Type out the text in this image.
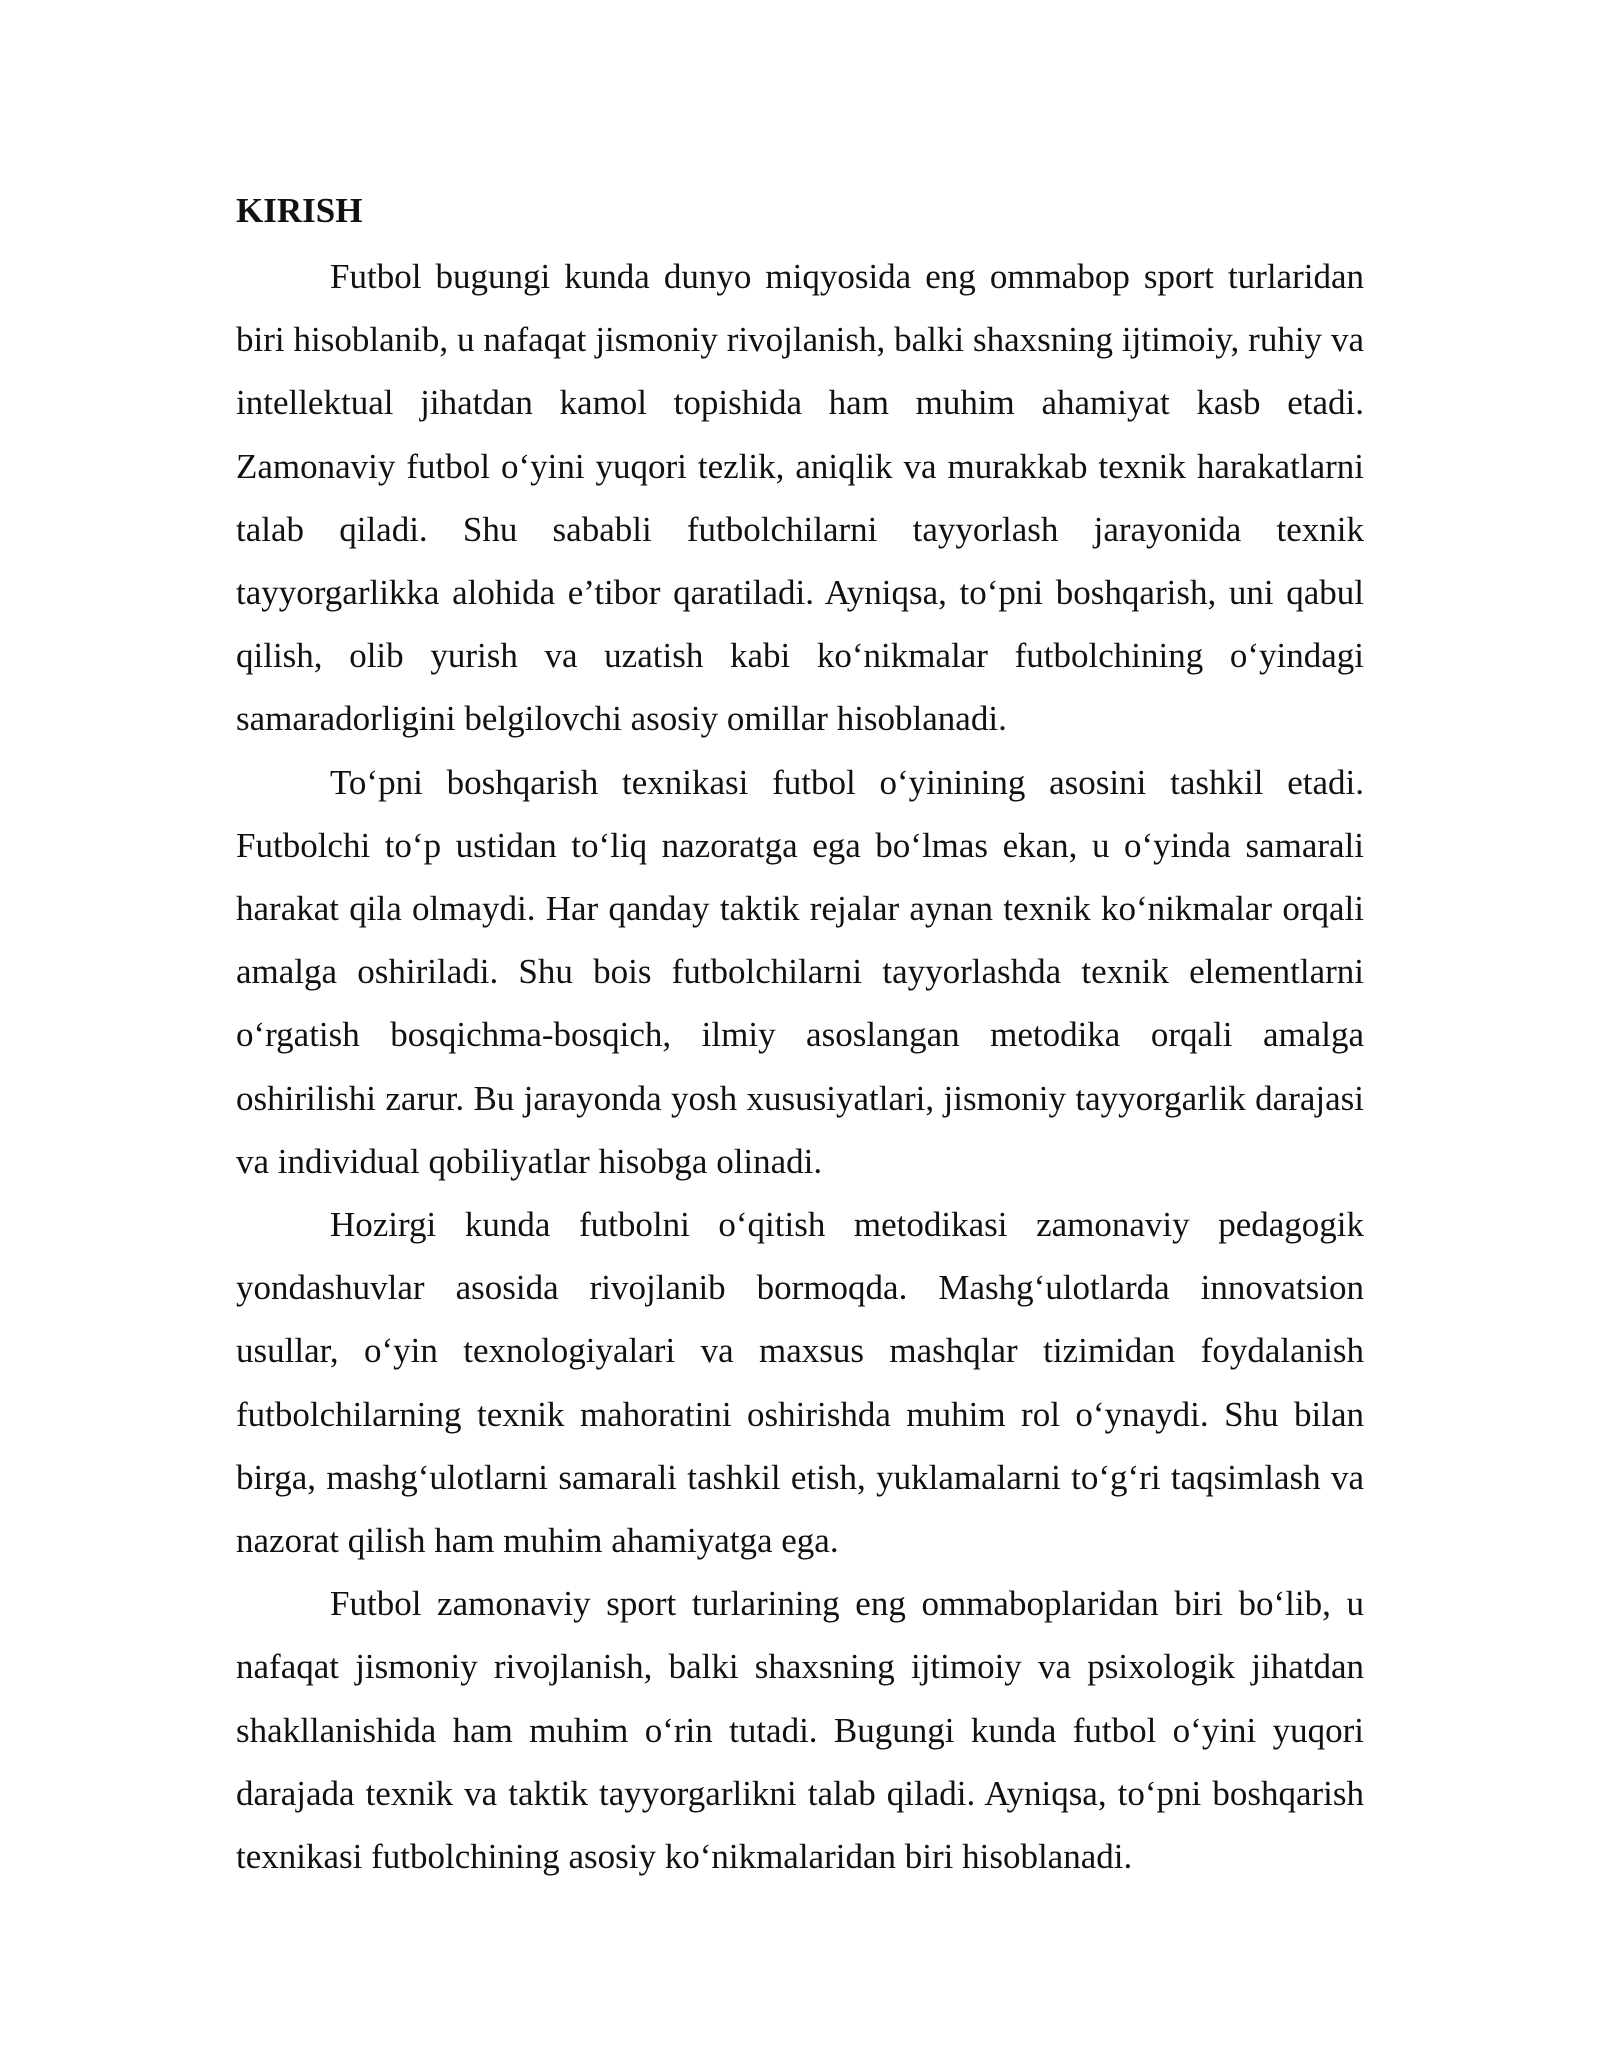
KIRISH

Futbol bugungi kunda dunyo miqyosida eng ommabop sport turlaridan biri hisoblanib, u nafaqat jismoniy rivojlanish, balki shaxsning ijtimoiy, ruhiy va intellektual jihatdan kamol topishida ham muhim ahamiyat kasb etadi. Zamonaviy futbol o‘yini yuqori tezlik, aniqlik va murakkab texnik harakatlarni talab qiladi. Shu sababli futbolchilarni tayyorlash jarayonida texnik tayyorgarlikka alohida e’tibor qaratiladi. Ayniqsa, to‘pni boshqarish, uni qabul qilish, olib yurish va uzatish kabi ko‘nikmalar futbolchining o‘yindagi samaradorligini belgilovchi asosiy omillar hisoblanadi.

To‘pni boshqarish texnikasi futbol o‘yinining asosini tashkil etadi. Futbolchi to‘p ustidan to‘liq nazoratga ega bo‘lmas ekan, u o‘yinda samarali harakat qila olmaydi. Har qanday taktik rejalar aynan texnik ko‘nikmalar orqali amalga oshiriladi. Shu bois futbolchilarni tayyorlashda texnik elementlarni o‘rgatish bosqichma-bosqich, ilmiy asoslangan metodika orqali amalga oshirilishi zarur. Bu jarayonda yosh xususiyatlari, jismoniy tayyorgarlik darajasi va individual qobiliyatlar hisobga olinadi.

Hozirgi kunda futbolni o‘qitish metodikasi zamonaviy pedagogik yondashuvlar asosida rivojlanib bormoqda. Mashg‘ulotlarda innovatsion usullar, o‘yin texnologiyalari va maxsus mashqlar tizimidan foydalanish futbolchilarning texnik mahoratini oshirishda muhim rol o‘ynaydi. Shu bilan birga, mashg‘ulotlarni samarali tashkil etish, yuklamalarni to‘g‘ri taqsimlash va nazorat qilish ham muhim ahamiyatga ega.

Futbol zamonaviy sport turlarining eng ommaboplaridan biri bo‘lib, u nafaqat jismoniy rivojlanish, balki shaxsning ijtimoiy va psixologik jihatdan shakllanishida ham muhim o‘rin tutadi. Bugungi kunda futbol o‘yini yuqori darajada texnik va taktik tayyorgarlikni talab qiladi. Ayniqsa, to‘pni boshqarish texnikasi futbolchining asosiy ko‘nikmalaridan biri hisoblanadi.
